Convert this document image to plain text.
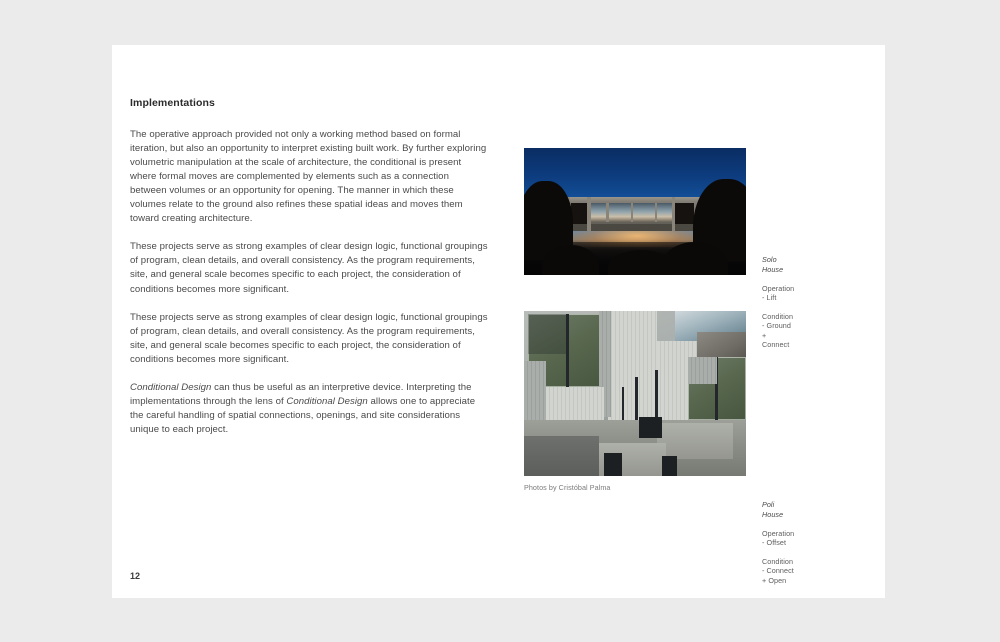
Implementations

The operative approach provided not only a working method based on formal iteration, but also an opportunity to interpret existing built work. By further exploring volumetric manipulation at the scale of architecture, the conditional is present where formal moves are complemented by elements such as a connection between volumes or an opportunity for opening. The manner in which these volumes relate to the ground also refines these spatial ideas and moves them toward creating architecture.

These projects serve as strong examples of clear design logic, functional groupings of program, clean details, and overall consistency. As the program requirements, site, and general scale becomes specific to each project, the consideration of conditions becomes more significant.

These projects serve as strong examples of clear design logic, functional groupings of program, clean details, and overall consistency. As the program requirements, site, and general scale becomes specific to each project, the consideration of conditions becomes more significant.

Conditional Design can thus be useful as an interpretive device. Interpreting the implementations through the lens of Conditional Design allows one to appreciate the careful handling of spatial connections, openings, and site considerations unique to each project.

12

Solo House

Operation - Lift

Condition - Ground + Connect

Poli House

Operation - Offset

Condition - Connect + Open

Photos by Cristóbal Palma
